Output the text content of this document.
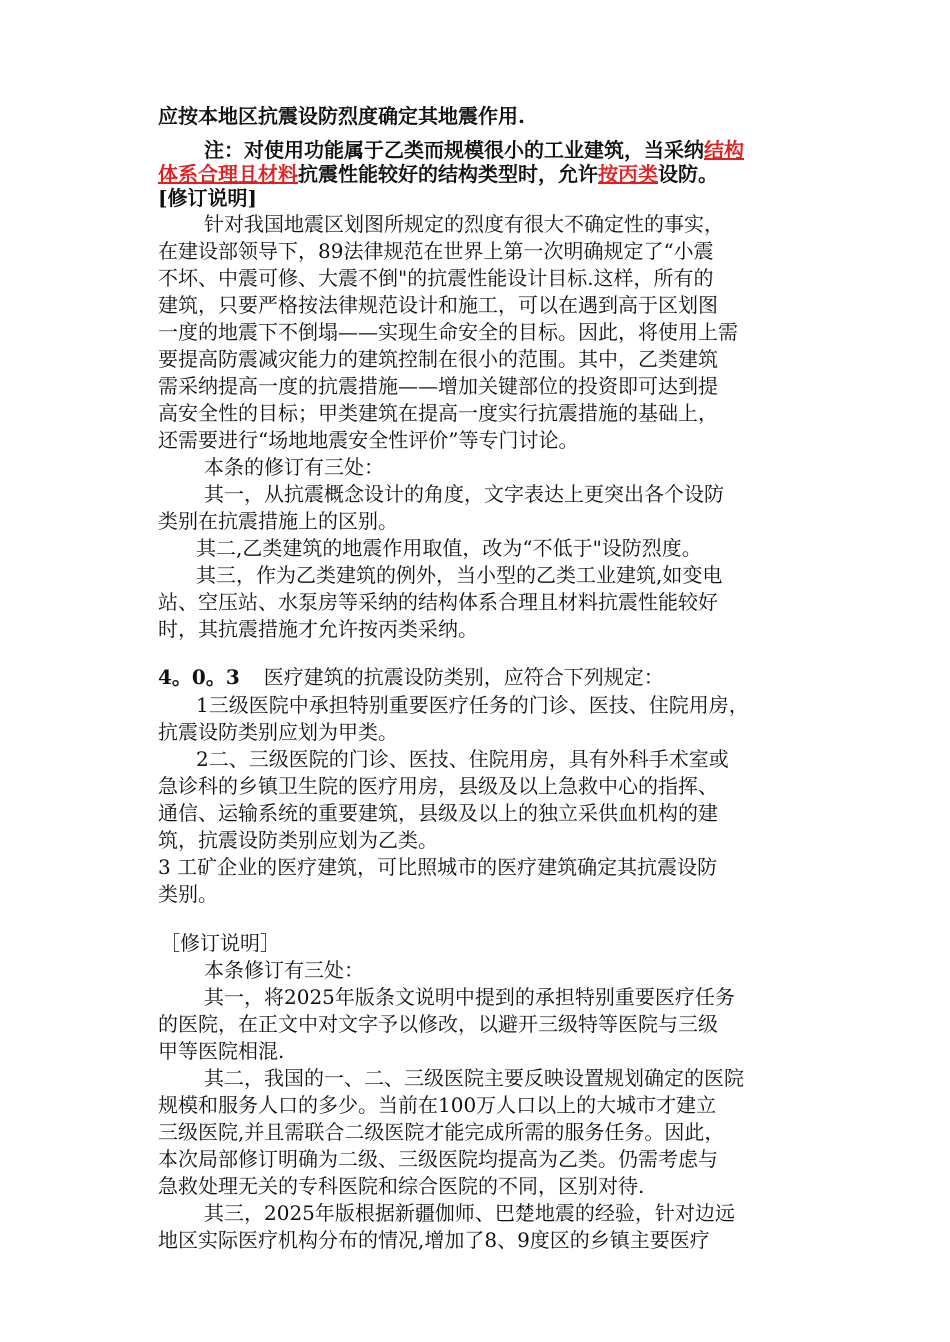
应按本地区抗震设防烈度确定其地震作用.
注：对使用功能属于乙类而规模很小的工业建筑，当采纳结构
体系合理且材料抗震性能较好的结构类型时，允许按丙类设防。
[修订说明]
针对我国地震区划图所规定的烈度有很大不确定性的事实，
在建设部领导下，89法律规范在世界上第一次明确规定了“小震
不坏、中震可修、大震不倒"的抗震性能设计目标.这样，所有的
建筑，只要严格按法律规范设计和施工，可以在遇到高于区划图
一度的地震下不倒塌——实现生命安全的目标。因此，将使用上需
要提高防震减灾能力的建筑控制在很小的范围。其中，乙类建筑
需采纳提高一度的抗震措施——增加关键部位的投资即可达到提
高安全性的目标；甲类建筑在提高一度实行抗震措施的基础上，
还需要进行“场地地震安全性评价”等专门讨论。
本条的修订有三处：
其一，从抗震概念设计的角度，文字表达上更突出各个设防
类别在抗震措施上的区别。
其二,乙类建筑的地震作用取值，改为“不低于"设防烈度。
其三，作为乙类建筑的例外，当小型的乙类工业建筑,如变电
站、空压站、水泵房等采纳的结构体系合理且材料抗震性能较好
时，其抗震措施才允许按丙类采纳。
4。0。3 医疗建筑的抗震设防类别，应符合下列规定：
1三级医院中承担特别重要医疗任务的门诊、医技、住院用房，
抗震设防类别应划为甲类。
2二、三级医院的门诊、医技、住院用房，具有外科手术室或
急诊科的乡镇卫生院的医疗用房，县级及以上急救中心的指挥、
通信、运输系统的重要建筑，县级及以上的独立采供血机构的建
筑，抗震设防类别应划为乙类。
3 工矿企业的医疗建筑，可比照城市的医疗建筑确定其抗震设防
类别。
［修订说明］
本条修订有三处：
其一，将2025年版条文说明中提到的承担特别重要医疗任务
的医院，在正文中对文字予以修改，以避开三级特等医院与三级
甲等医院相混.
其二，我国的一、二、三级医院主要反映设置规划确定的医院
规模和服务人口的多少。当前在100万人口以上的大城市才建立
三级医院,并且需联合二级医院才能完成所需的服务任务。因此，
本次局部修订明确为二级、三级医院均提高为乙类。仍需考虑与
急救处理无关的专科医院和综合医院的不同，区别对待.
其三，2025年版根据新疆伽师、巴楚地震的经验，针对边远
地区实际医疗机构分布的情况,增加了8、9度区的乡镇主要医疗
